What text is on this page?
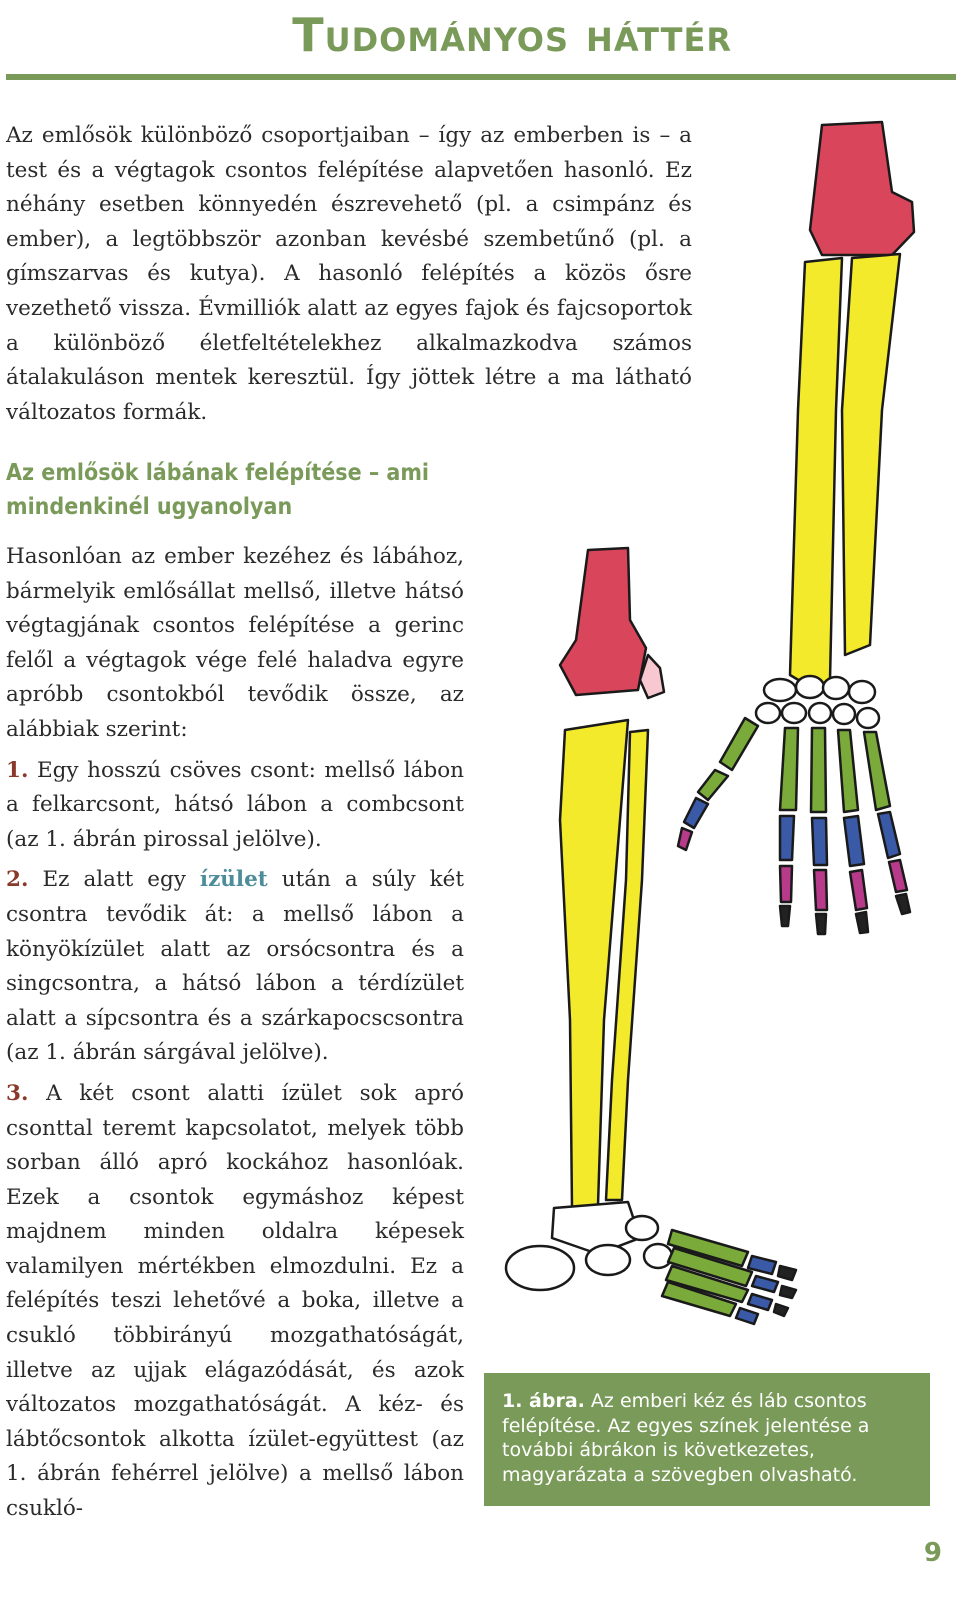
Tudományos háttér
Az emlősök különböző csoportjaiban – így az emberben is – a test és a végtagok csontos felépítése alapvetően hasonló. Ez néhány esetben könnyedén észrevehető (pl. a csimpánz és ember), a legtöbbször azonban kevésbé szembetűnő (pl. a gímszarvas és kutya). A hasonló felépítés a közös ősre vezethető vissza. Évmilliók alatt az egyes fajok és fajcsoportok a különböző életfeltételekhez alkalmazkodva számos átalakuláson mentek keresztül. Így jöttek létre a ma látható változatos formák.
Az emlősök lábának felépítése – ami mindenkinél ugyanolyan

Hasonlóan az ember kezéhez és lábához, bármelyik emlősállat mellső, illetve hátsó végtagjának csontos felépítése a gerinc felől a végtagok vége felé haladva egyre apróbb csontokból tevődik össze, az alábbiak szerint:

1. Egy hosszú csöves csont: mellső lábon a felkarcsont, hátsó lábon a combcsont (az 1. ábrán pirossal jelölve).

2. Ez alatt egy ízület után a súly két csontra tevődik át: a mellső lábon a könyökízület alatt az orsócsontra és a singcsontra, a hátsó lábon a térdízület alatt a sípcsontra és a szárkapocscsontra (az 1. ábrán sárgával jelölve).

3. A két csont alatti ízület sok apró csonttal teremt kapcsolatot, melyek több sorban álló apró kockához hasonlóak. Ezek a csontok egymáshoz képest majdnem minden oldalra képesek valamilyen mértékben elmozdulni. Ez a felépítés teszi lehetővé a boka, illetve a csukló többirányú mozgathatóságát, illetve az ujjak elágazódását, és azok változatos mozgathatóságát. A kéz- és lábtőcsontok alkotta ízület-együttest (az 1. ábrán fehérrel jelölve) a mellső lábon csukló-

1. ábra. Az emberi kéz és láb csontos felépítése. Az egyes színek jelentése a további ábrákon is következetes, magyarázata a szövegben olvasható.
9
